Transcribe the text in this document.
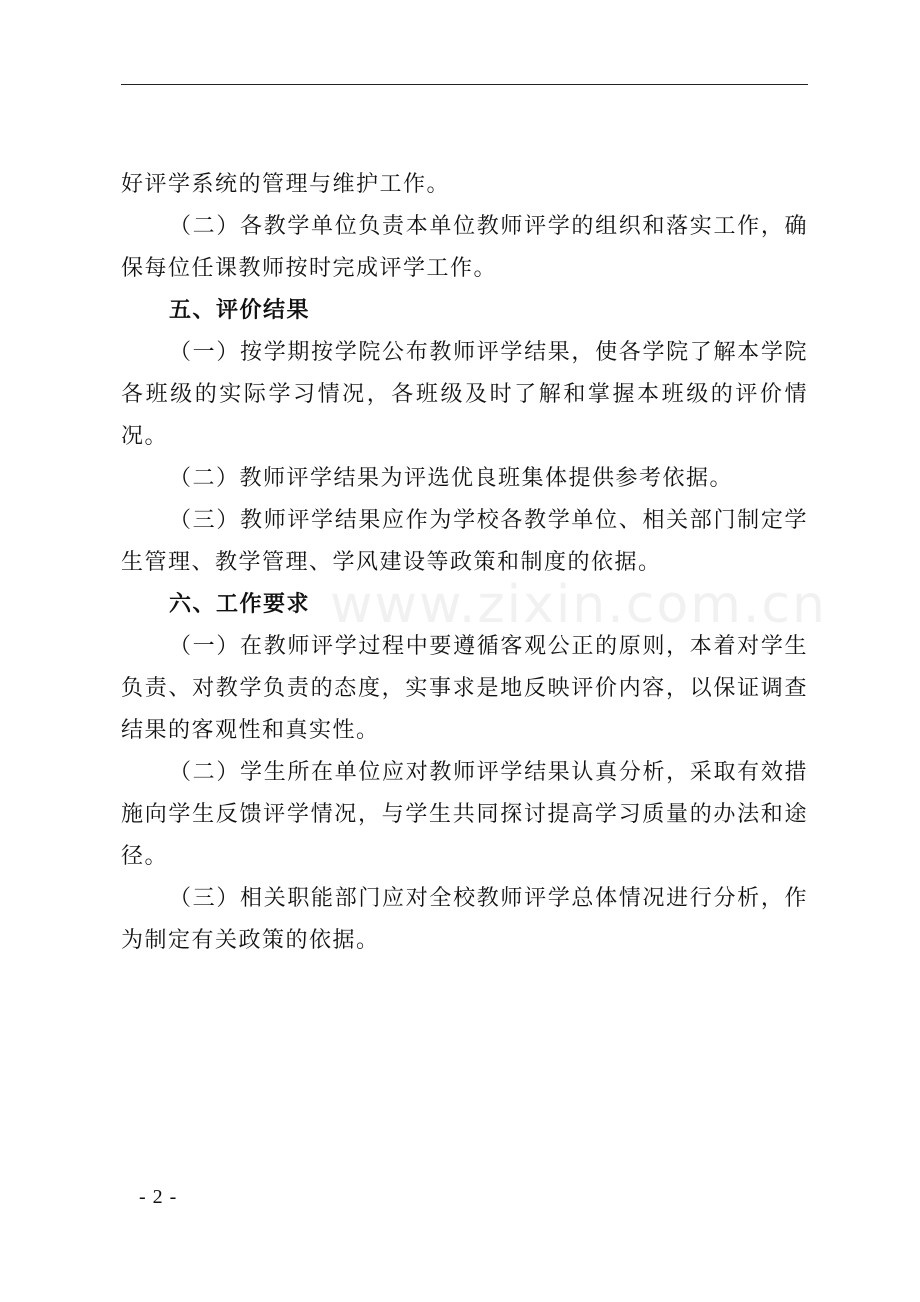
www.zixin.com.cn

好评学系统的管理与维护工作。

（二）各教学单位负责本单位教师评学的组织和落实工作，确保每位任课教师按时完成评学工作。

五、评价结果

（一）按学期按学院公布教师评学结果，使各学院了解本学院各班级的实际学习情况，各班级及时了解和掌握本班级的评价情况。

（二）教师评学结果为评选优良班集体提供参考依据。

（三）教师评学结果应作为学校各教学单位、相关部门制定学生管理、教学管理、学风建设等政策和制度的依据。

六、工作要求

（一）在教师评学过程中要遵循客观公正的原则，本着对学生负责、对教学负责的态度，实事求是地反映评价内容，以保证调查结果的客观性和真实性。

（二）学生所在单位应对教师评学结果认真分析，采取有效措施向学生反馈评学情况，与学生共同探讨提高学习质量的办法和途径。

（三）相关职能部门应对全校教师评学总体情况进行分析，作为制定有关政策的依据。

- 2 -
